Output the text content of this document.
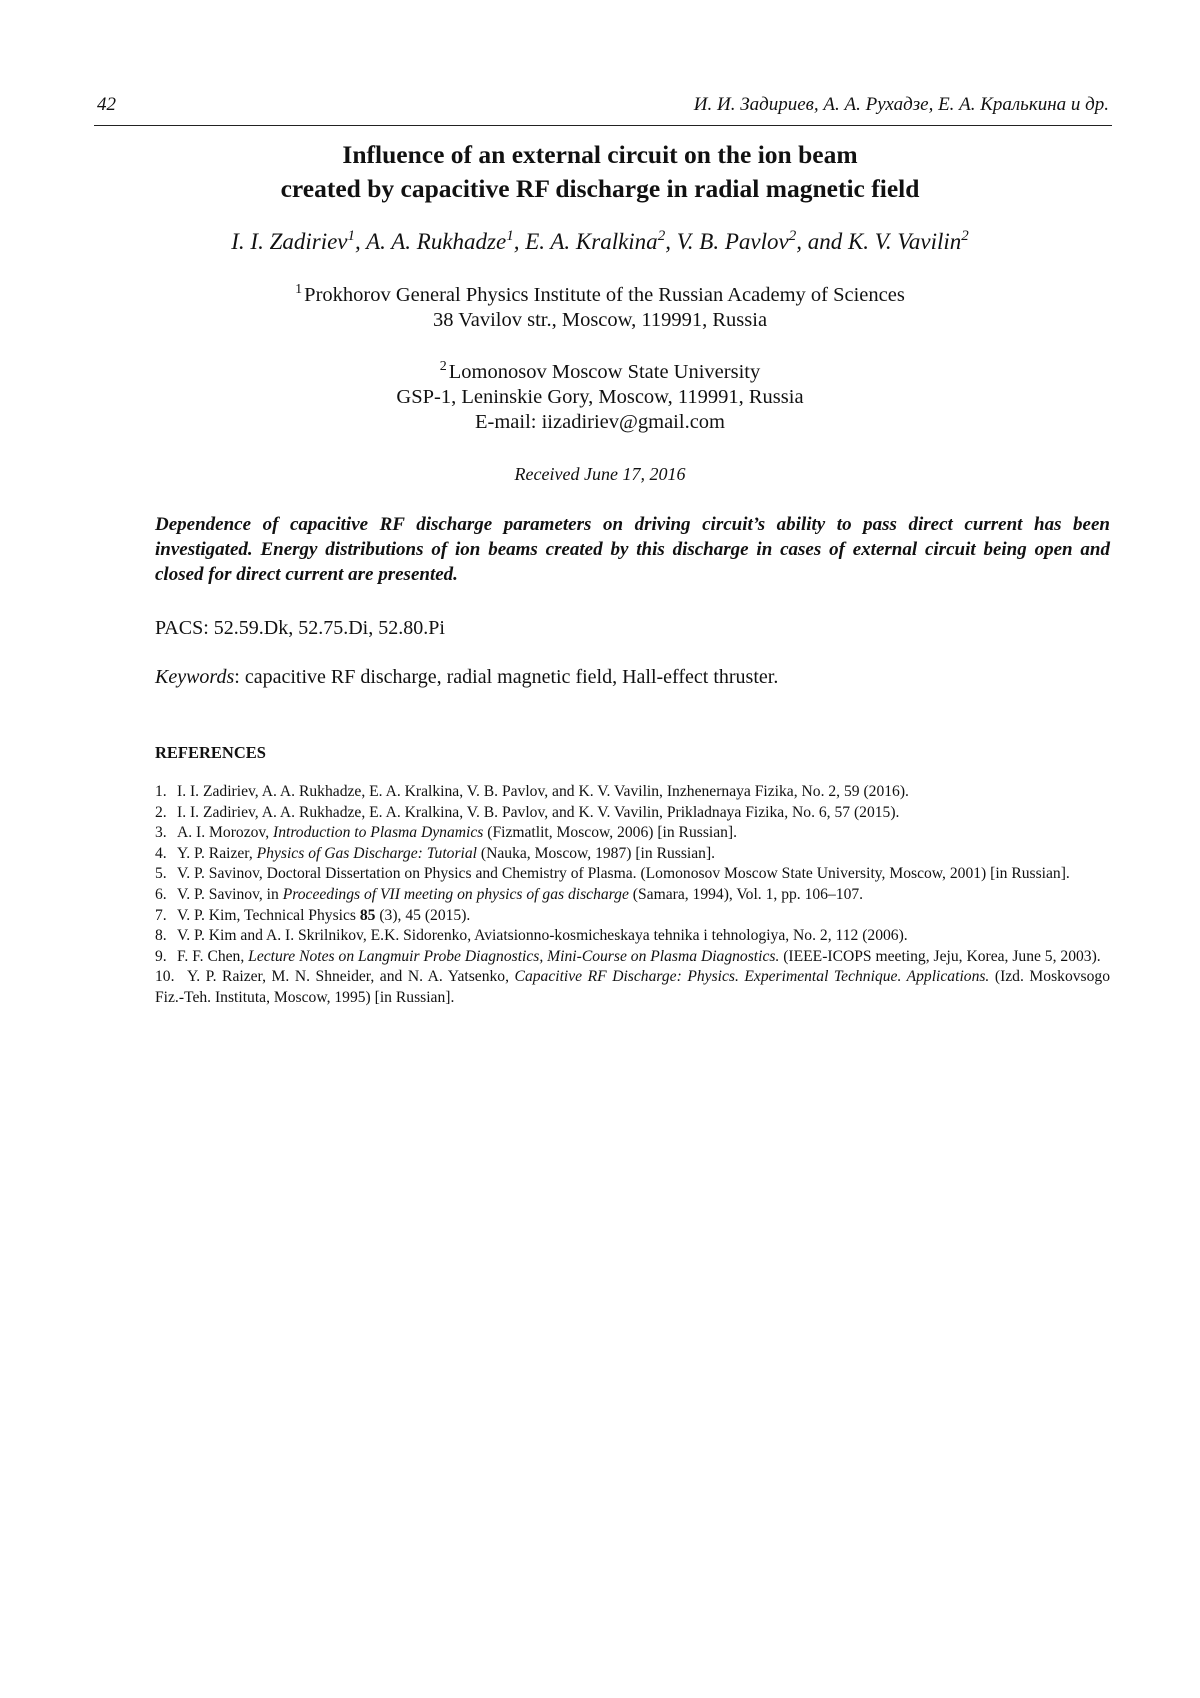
42	И. И. Задириев, А. А. Рухадзе, Е. А. Кралькина и др.
Influence of an external circuit on the ion beam
created by capacitive RF discharge in radial magnetic field
I. I. Zadiriev$^1$, A. A. Rukhadze$^1$, E. A. Kralkina$^2$, V. B. Pavlov$^2$, and K. V. Vavilin$^2$
$^1$Prokhorov General Physics Institute of the Russian Academy of Sciences
38 Vavilov str., Moscow, 119991, Russia
$^2$Lomonosov Moscow State University
GSP-1, Leninskie Gory, Moscow, 119991, Russia
E-mail: iizadiriev@gmail.com
Received June 17, 2016
Dependence of capacitive RF discharge parameters on driving circuit’s ability to pass direct current has been investigated. Energy distributions of ion beams created by this discharge in cases of external circuit being open and closed for direct current are presented.
PACS: 52.59.Dk, 52.75.Di, 52.80.Pi
Keywords: capacitive RF discharge, radial magnetic field, Hall-effect thruster.
REFERENCES
1. I. I. Zadiriev, A. A. Rukhadze, E. A. Kralkina, V. B. Pavlov, and K. V. Vavilin, Inzhenernaya Fizika, No. 2, 59 (2016).
2. I. I. Zadiriev, A. A. Rukhadze, E. A. Kralkina, V. B. Pavlov, and K. V. Vavilin, Prikladnaya Fizika, No. 6, 57 (2015).
3. A. I. Morozov, Introduction to Plasma Dynamics (Fizmatlit, Moscow, 2006) [in Russian].
4. Y. P. Raizer, Physics of Gas Discharge: Tutorial (Nauka, Moscow, 1987) [in Russian].
5. V. P. Savinov, Doctoral Dissertation on Physics and Chemistry of Plasma. (Lomonosov Moscow State University, Moscow, 2001) [in Russian].
6. V. P. Savinov, in Proceedings of VII meeting on physics of gas discharge (Samara, 1994), Vol. 1, pp. 106–107.
7. V. P. Kim, Technical Physics 85 (3), 45 (2015).
8. V. P. Kim and A. I. Skrilnikov, E.K. Sidorenko, Aviatsionno-kosmicheskaya tehnika i tehnologiya, No. 2, 112 (2006).
9. F. F. Chen, Lecture Notes on Langmuir Probe Diagnostics, Mini-Course on Plasma Diagnostics. (IEEE-ICOPS meeting, Jeju, Korea, June 5, 2003).
10. Y. P. Raizer, M. N. Shneider, and N. A. Yatsenko, Capacitive RF Discharge: Physics. Experimental Technique. Applications. (Izd. Moskovsogo Fiz.-Teh. Instituta, Moscow, 1995) [in Russian].
